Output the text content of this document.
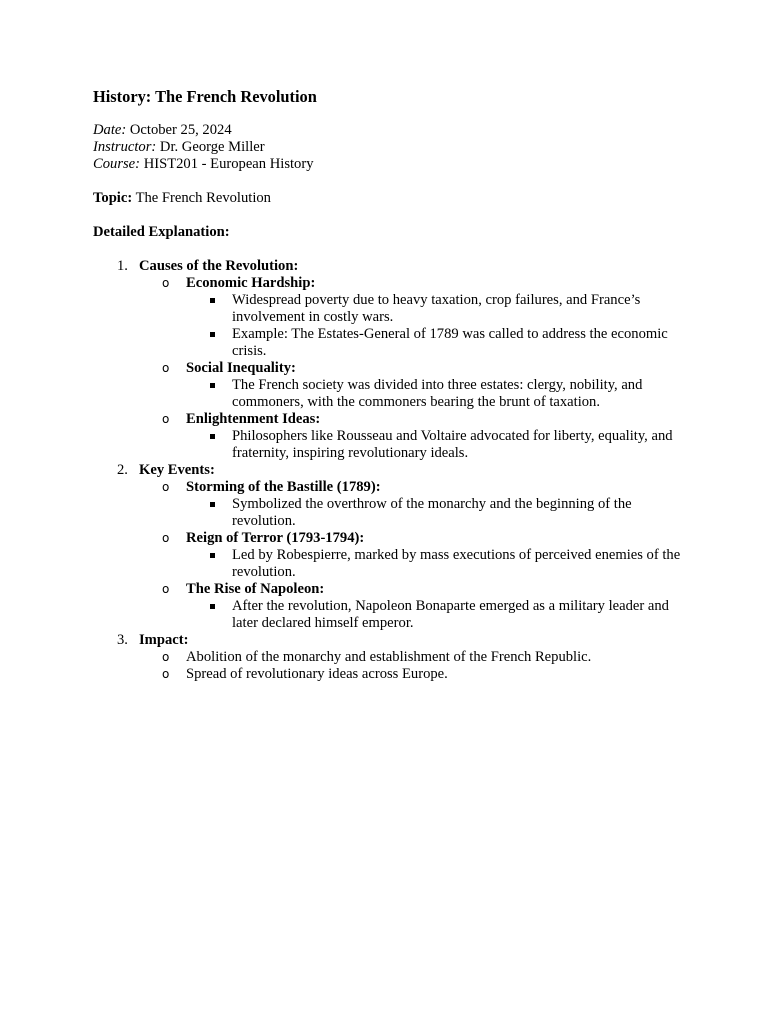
History: The French Revolution
Date: October 25, 2024
Instructor: Dr. George Miller
Course: HIST201 - European History
Topic: The French Revolution
Detailed Explanation:
1. Causes of the Revolution:
o Economic Hardship:
Widespread poverty due to heavy taxation, crop failures, and France’s involvement in costly wars.
Example: The Estates-General of 1789 was called to address the economic crisis.
o Social Inequality:
The French society was divided into three estates: clergy, nobility, and commoners, with the commoners bearing the brunt of taxation.
o Enlightenment Ideas:
Philosophers like Rousseau and Voltaire advocated for liberty, equality, and fraternity, inspiring revolutionary ideals.
2. Key Events:
o Storming of the Bastille (1789):
Symbolized the overthrow of the monarchy and the beginning of the revolution.
o Reign of Terror (1793-1794):
Led by Robespierre, marked by mass executions of perceived enemies of the revolution.
o The Rise of Napoleon:
After the revolution, Napoleon Bonaparte emerged as a military leader and later declared himself emperor.
3. Impact:
o Abolition of the monarchy and establishment of the French Republic.
o Spread of revolutionary ideas across Europe.
